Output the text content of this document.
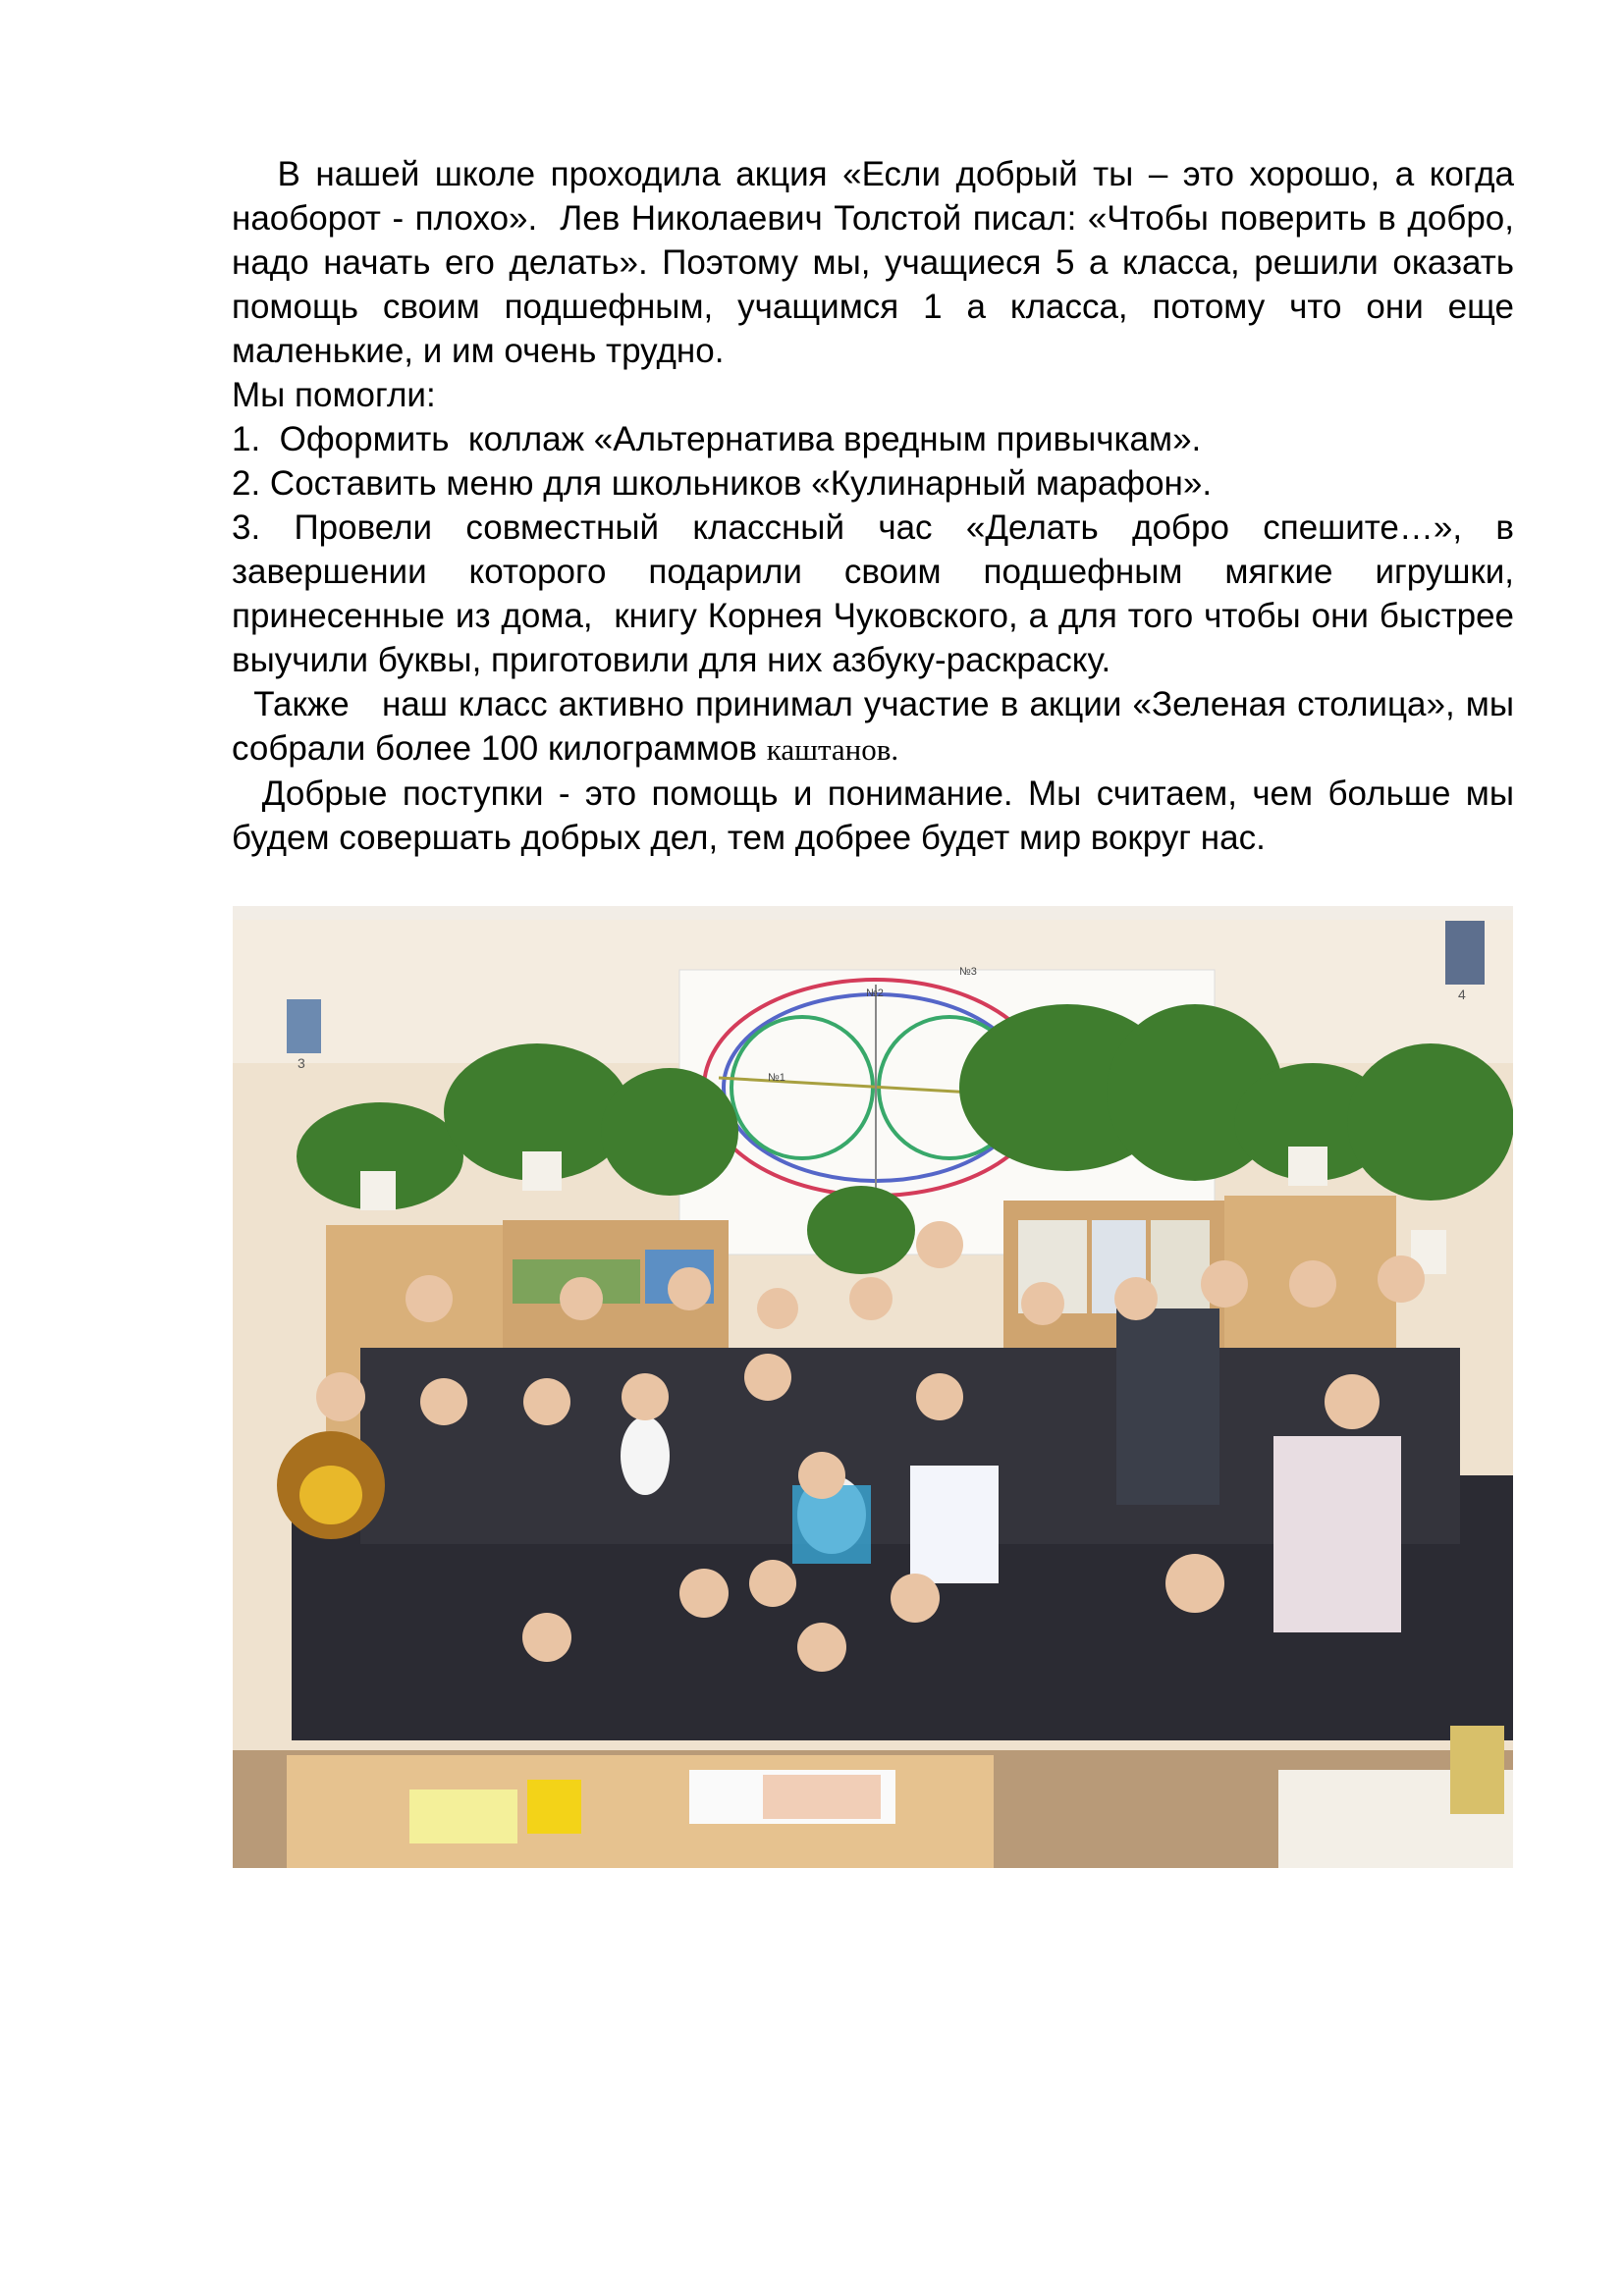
В нашей школе проходила акция «Если добрый ты – это хорошо, а когда наоборот - плохо».  Лев Николаевич Толстой писал: «Чтобы поверить в добро, надо начать его делать». Поэтому мы, учащиеся 5 а класса, решили оказать помощь своим подшефным, учащимся 1 а класса, потому что они еще маленькие, и им очень трудно.

Мы помогли:

1.  Оформить  коллаж «Альтернатива вредным привычкам».

2. Составить меню для школьников «Кулинарный марафон».

3. Провели совместный классный час «Делать добро спешите…», в завершении которого подарили своим подшефным мягкие игрушки, принесенные из дома,  книгу Корнея Чуковского, а для того чтобы они быстрее выучили буквы, приготовили для них азбуку-раскраску.

Также   наш класс активно принимал участие в акции «Зеленая столица», мы собрали более 100 килограммов каштанов.

Добрые поступки - это помощь и понимание. Мы считаем, чем больше мы будем совершать добрых дел, тем добрее будет мир вокруг нас.

№2
№1
№3
3
4
